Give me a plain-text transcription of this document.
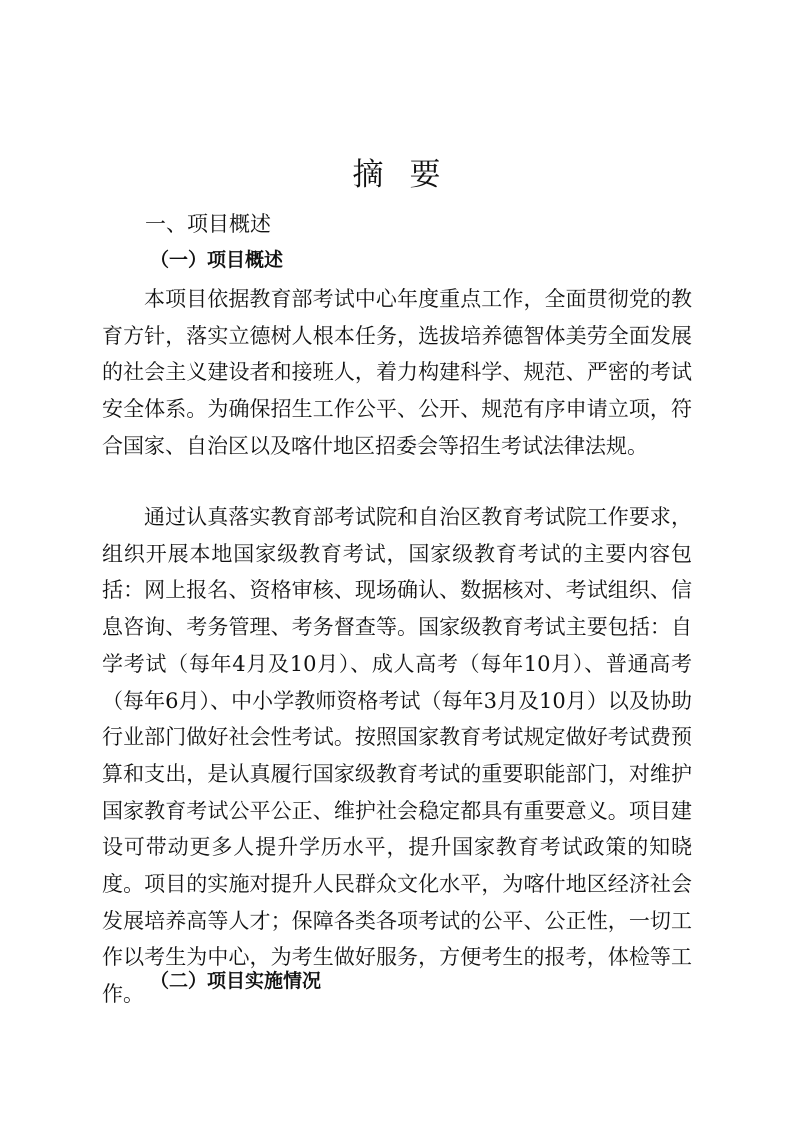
摘要
一、项目概述
（一）项目概述

本项目依据教育部考试中心年度重点工作，全面贯彻党的教育方针，落实立德树人根本任务，选拔培养德智体美劳全面发展的社会主义建设者和接班人，着力构建科学、规范、严密的考试安全体系。为确保招生工作公平、公开、规范有序申请立项，符合国家、自治区以及喀什地区招委会等招生考试法律法规。

通过认真落实教育部考试院和自治区教育考试院工作要求，组织开展本地国家级教育考试，国家级教育考试的主要内容包括：网上报名、资格审核、现场确认、数据核对、考试组织、信息咨询、考务管理、考务督查等。国家级教育考试主要包括：自学考试（每年4月及10月）、成人高考（每年10月）、普通高考（每年6月）、中小学教师资格考试（每年3月及10月）以及协助行业部门做好社会性考试。按照国家教育考试规定做好考试费预算和支出，是认真履行国家级教育考试的重要职能部门，对维护国家教育考试公平公正、维护社会稳定都具有重要意义。项目建设可带动更多人提升学历水平，提升国家教育考试政策的知晓度。项目的实施对提升人民群众文化水平，为喀什地区经济社会发展培养高等人才；保障各类各项考试的公平、公正性，一切工作以考生为中心，为考生做好服务，方便考生的报考，体检等工作。

（二）项目实施情况
